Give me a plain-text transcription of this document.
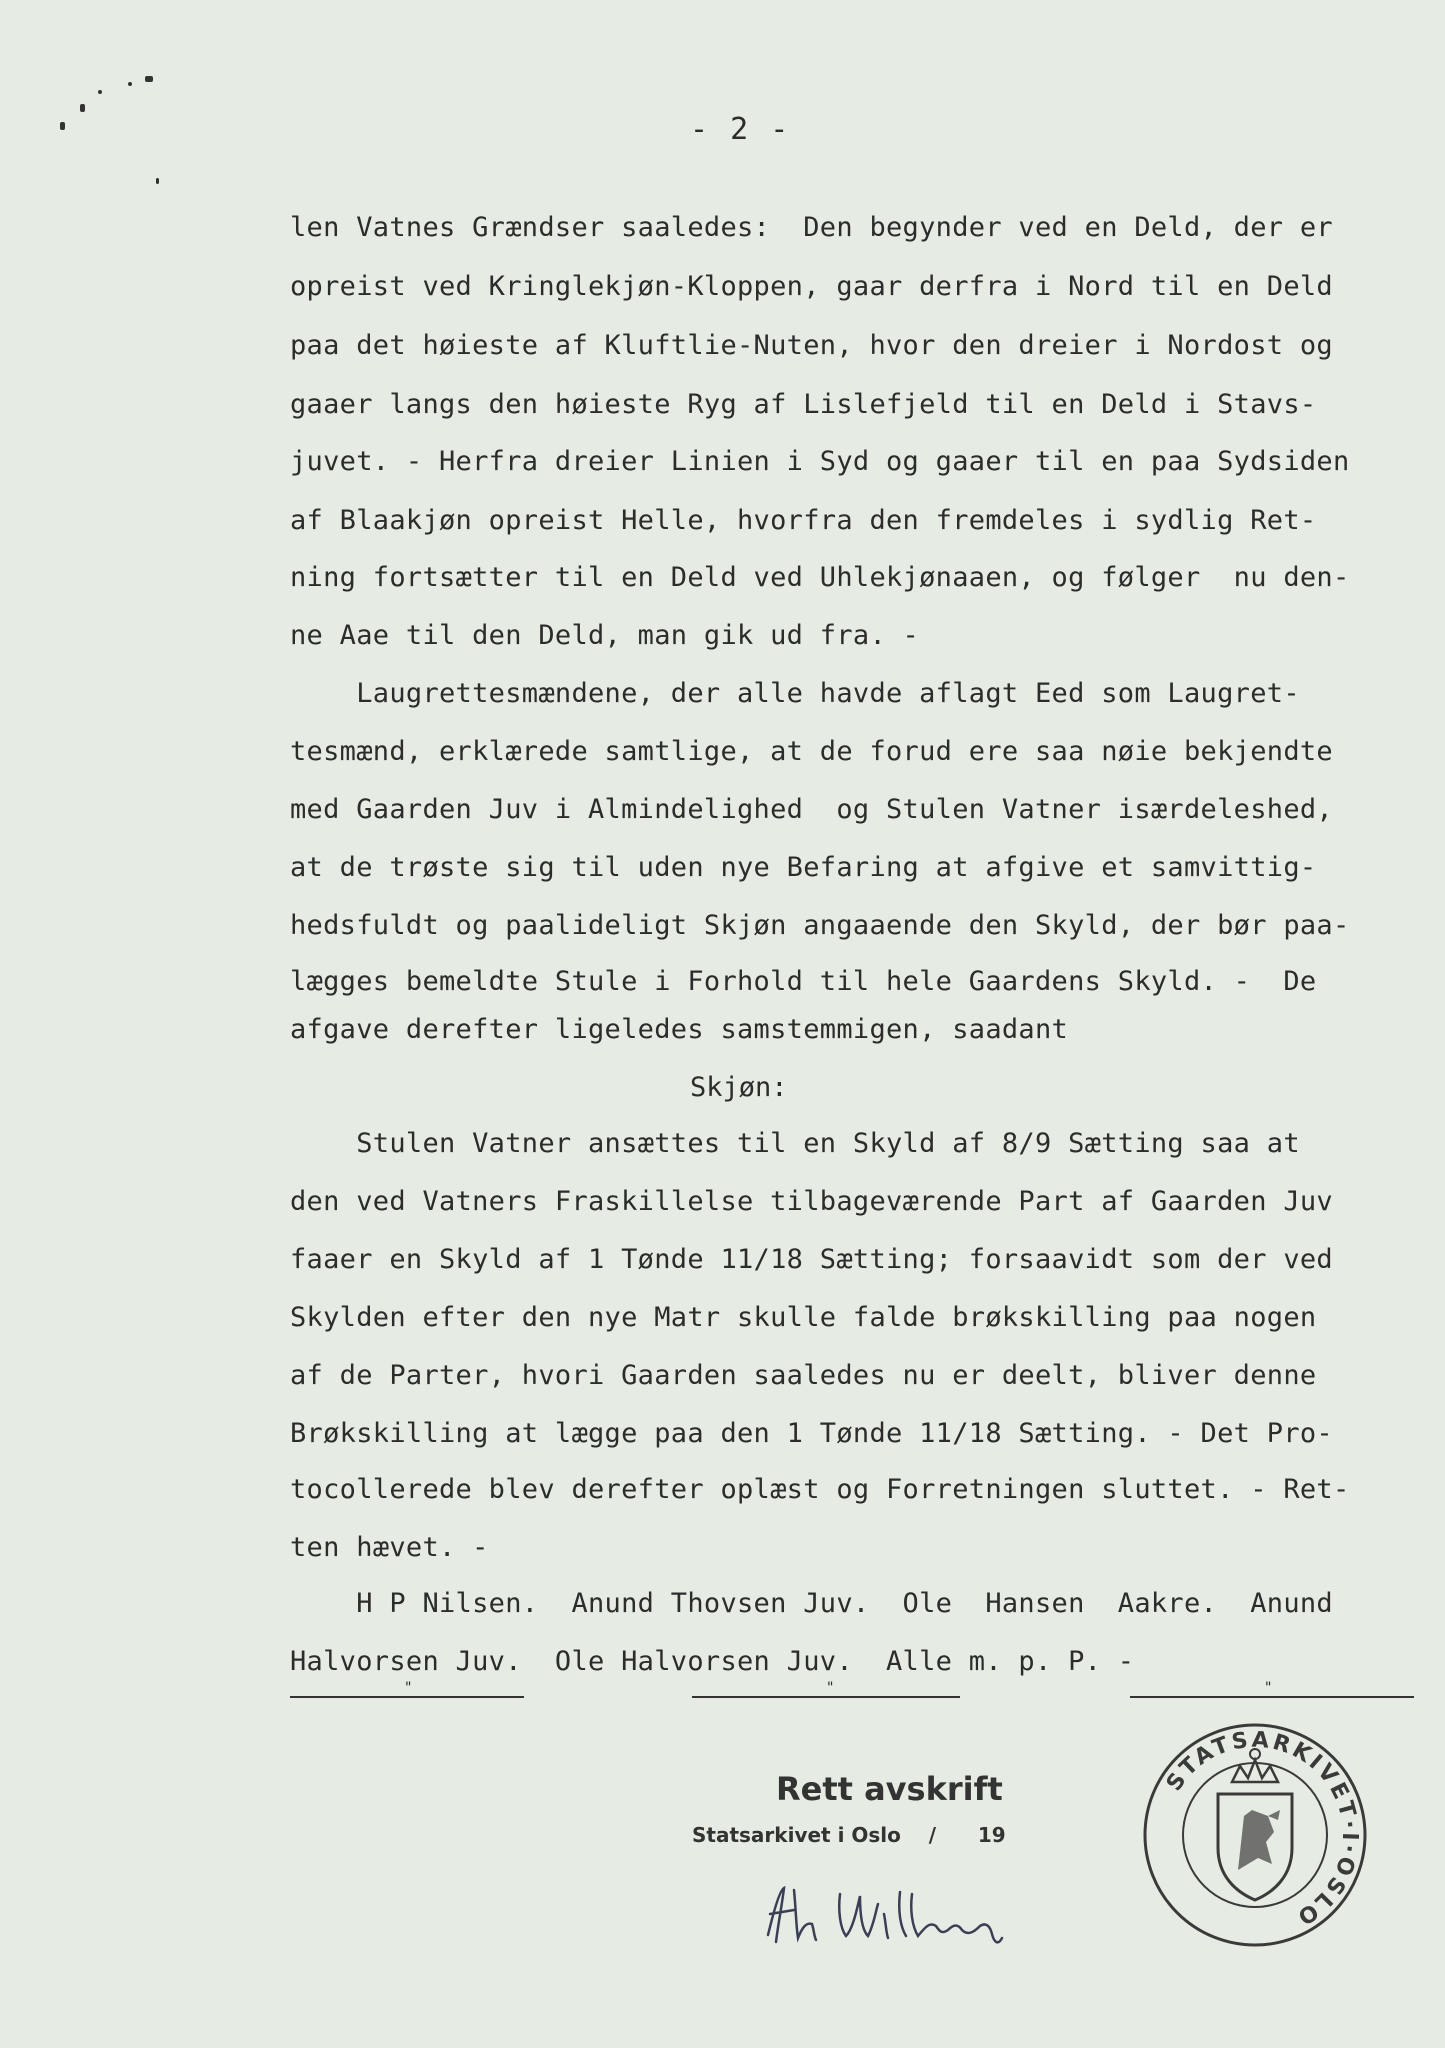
- 2 -
len Vatnes Grændser saaledes:  Den begynder ved en Deld, der er
opreist ved Kringlekjøn-Kloppen, gaar derfra i Nord til en Deld
paa det høieste af Kluftlie-Nuten, hvor den dreier i Nordost og
gaaer langs den høieste Ryg af Lislefjeld til en Deld i Stavs-
juvet. - Herfra dreier Linien i Syd og gaaer til en paa Sydsiden
af Blaakjøn opreist Helle, hvorfra den fremdeles i sydlig Ret-
ning fortsætter til en Deld ved Uhlekjønaaen, og følger  nu den-
ne Aae til den Deld, man gik ud fra. -
Laugrettesmændene, der alle havde aflagt Eed som Laugret-
tesmænd, erklærede samtlige, at de forud ere saa nøie bekjendte
med Gaarden Juv i Almindelighed  og Stulen Vatner isærdeleshed,
at de trøste sig til uden nye Befaring at afgive et samvittig-
hedsfuldt og paalideligt Skjøn angaaende den Skyld, der bør paa-
lægges bemeldte Stule i Forhold til hele Gaardens Skyld. -  De
afgave derefter ligeledes samstemmigen, saadant
Skjøn:
Stulen Vatner ansættes til en Skyld af 8/9 Sætting saa at
den ved Vatners Fraskillelse tilbageværende Part af Gaarden Juv
faaer en Skyld af 1 Tønde 11/18 Sætting; forsaavidt som der ved
Skylden efter den nye Matr skulle falde brøkskilling paa nogen
af de Parter, hvori Gaarden saaledes nu er deelt, bliver denne
Brøkskilling at lægge paa den 1 Tønde 11/18 Sætting. - Det Pro-
tocollerede blev derefter oplæst og Forretningen sluttet. - Ret-
ten hævet. -
H P Nilsen.  Anund Thovsen Juv.  Ole  Hansen  Aakre.  Anund
Halvorsen Juv.  Ole Halvorsen Juv.  Alle m. p. P. -
"	"	"
Rett avskrift
Statsarkivet i Oslo    /      19
STATSARKIVET·I·OSLO
